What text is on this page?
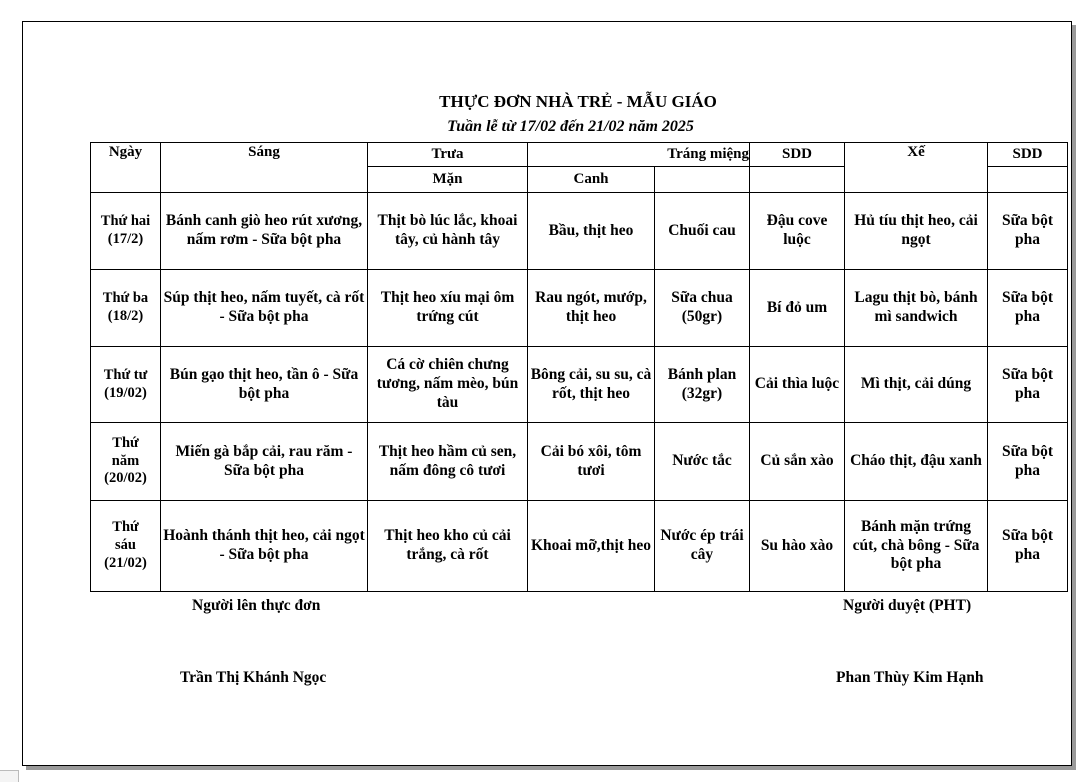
THỰC ĐƠN NHÀ TRẺ - MẪU GIÁO
Tuần lễ từ 17/02 đến 21/02 năm 2025
Ngày	Sáng	Trưa	Tráng miệng		SDD	Xế	SDD
		Mặn	Canh				
Thứ hai
(17/2)	Bánh canh giò heo rút xương, nấm rơm - Sữa bột pha	Thịt bò lúc lắc, khoai tây, củ hành tây	Bầu, thịt heo	Chuối cau	Đậu cove luộc	Hủ tíu thịt heo, cải ngọt	Sữa bột pha
Thứ ba
(18/2)	Súp thịt heo, nấm tuyết, cà rốt - Sữa bột pha	Thịt heo xíu mại ôm trứng cút	Rau ngót, mướp, thịt heo	Sữa chua (50gr)	Bí đỏ um	Lagu thịt bò, bánh mì sandwich	Sữa bột pha
Thứ tư
(19/02)	Bún gạo thịt heo, tần ô - Sữa bột pha	Cá cờ chiên chưng tương, nấm mèo, bún tàu	Bông cải, su su, cà rốt, thịt heo	Bánh plan (32gr)	Cải thìa luộc	Mì thịt, cải dúng	Sữa bột pha
Thứ
năm
(20/02)	Miến gà bắp cải, rau răm - Sữa bột pha	Thịt heo hầm củ sen, nấm đông cô tươi	Cải bó xôi, tôm tươi	Nước tắc	Củ sắn xào	Cháo thịt, đậu xanh	Sữa bột pha
Thứ
sáu
(21/02)	Hoành thánh thịt heo, cải ngọt - Sữa bột pha	Thịt heo kho củ cải trắng, cà rốt	Khoai mỡ,thịt heo	Nước ép trái cây	Su hào xào	Bánh mặn trứng cút, chà bông - Sữa bột pha	Sữa bột pha
Người lên thực đơn	Người duyệt (PHT)
Trần Thị Khánh Ngọc	Phan Thùy Kim Hạnh
